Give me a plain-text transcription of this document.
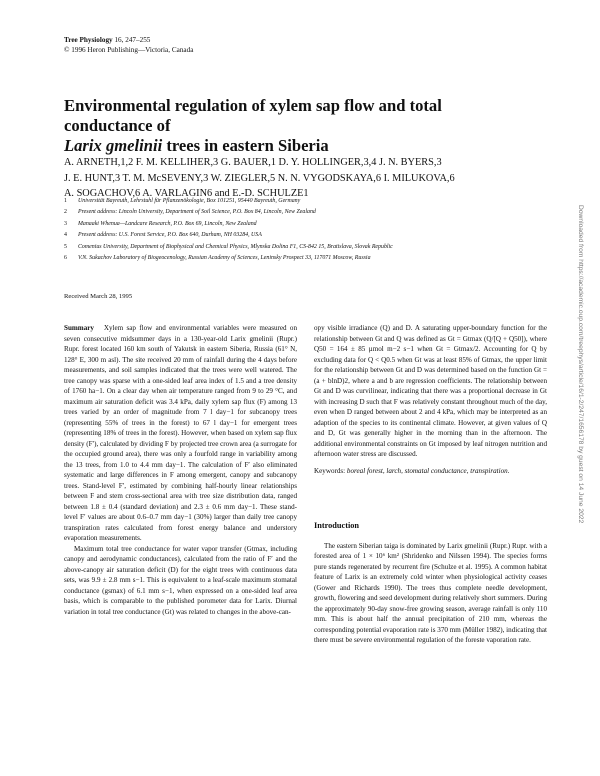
Tree Physiology 16, 247–255
© 1996 Heron Publishing—Victoria, Canada
Environmental regulation of xylem sap flow and total conductance of
Larix gmelinii trees in eastern Siberia
A. ARNETH,1,2 F. M. KELLIHER,3 G. BAUER,1 D. Y. HOLLINGER,3,4 J. N. BYERS,3
J. E. HUNT,3 T. M. McSEVENY,3 W. ZIEGLER,5 N. N. VYGODSKAYA,6 I. MILUKOVA,6
A. SOGACHOV,6 A. VARLAGIN6 and E.-D. SCHULZE1
1	Universität Bayreuth, Lehrstuhl für Pflanzenökologie, Box 101251, 95440 Bayreuth, Germany
2	Present address: Lincoln University, Department of Soil Science, P.O. Box 84, Lincoln, New Zealand
3	Manaaki Whenua—Landcare Research, P.O. Box 69, Lincoln, New Zealand
4	Present address: U.S. Forest Service, P.O. Box 640, Durham, NH 03284, USA
5	Comenius University, Department of Biophysical and Chemical Physics, Mlynska Dolina F1, CS-842 15, Bratislava, Slovak Republic
6	V.N. Sukachov Laboratory of Biogeocenology, Russian Academy of Sciences, Leninsky Prospect 33, 117071 Moscow, Russia
Received March 28, 1995

Summary Xylem sap flow and environmental variables were measured on seven consecutive midsummer days in a 130-year-old Larix gmelinii (Rupr.) Rupr. forest located 160 km south of Yakutsk in eastern Siberia, Russia (61° N, 128° E, 300 m asl). The site received 20 mm of rainfall during the 4 days before measurements, and soil samples indicated that the trees were well watered. The tree canopy was sparse with a one-sided leaf area index of 1.5 and a tree density of 1760 ha−1. On a clear day when air temperature ranged from 9 to 29 °C, and maximum air saturation deficit was 3.4 kPa, daily xylem sap flux (F) among 13 trees varied by an order of magnitude from 7 l day−1 for subcanopy trees (representing 55% of trees in the forest) to 67 l day−1 for emergent trees (representing 18% of trees in the forest). However, when based on xylem sap flux density (F′), calculated by dividing F by projected tree crown area (a surrogate for the occupied ground area), there was only a fourfold range in variability among the 13 trees, from 1.0 to 4.4 mm day−1. The calculation of F′ also eliminated systematic and large differences in F among emergent, canopy and subcanopy trees. Stand-level F′, estimated by combining half-hourly linear relationships between F and stem cross-sectional area with tree size distribution data, ranged between 1.8 ± 0.4 (standard deviation) and 2.3 ± 0.6 mm day−1. These stand-level F′ values are about 0.6–0.7 mm day−1 (30%) larger than daily tree canopy transpiration rates calculated from forest energy balance and understory evaporation measurements.

Maximum total tree conductance for water vapor transfer (Gtmax, including canopy and aerodynamic conductances), calculated from the ratio of F′ and the above-canopy air saturation deficit (D) for the eight trees with continuous data sets, was 9.9 ± 2.8 mm s−1. This is equivalent to a leaf-scale maximum stomatal conductance (gsmax) of 6.1 mm s−1, when expressed on a one-sided leaf area basis, which is comparable to the published porometer data for Larix. Diurnal variation in total tree conductance (Gt) was related to changes in the above-can-

opy visible irradiance (Q) and D. A saturating upper-boundary function for the relationship between Gt and Q was defined as Gt = Gtmax (Q/[Q + Q50]), where Q50 = 164 ± 85 µmol m−2 s−1 when Gt = Gtmax/2. Accounting for Q by excluding data for Q < Q0.5 when Gt was at least 85% of Gtmax, the upper limit for the relationship between Gt and D was determined based on the function Gt = (a + blnD)2, where a and b are regression coefficients. The relationship between Gt and D was curvilinear, indicating that there was a proportional decrease in Gt with increasing D such that F was relatively constant throughout much of the day, even when D ranged between about 2 and 4 kPa, which may be interpreted as an adaption of the species to its continental climate. However, at given values of Q and D, Gt was generally higher in the morning than in the afternoon. The additional environmental constraints on Gt imposed by leaf nitrogen nutrition and afternoon water stress are discussed.

Keywords: boreal forest, larch, stomatal conductance, transpiration.

Introduction

The eastern Siberian taiga is dominated by Larix gmelinii (Rupr.) Rupr. with a forested area of 1 × 10⁶ km² (Shridenko and Nilssen 1994). The species forms pure stands regenerated by recurrent fire (Schulze et al. 1995). A common habitat feature of Larix is an extremely cold winter when physiological activity ceases (Gower and Richards 1990). The trees thus complete needle development, growth, flowering and seed development during relatively short summers. During the approximately 90-day snow-free growing season, average rainfall is only 110 mm. This is about half the annual precipitation of 210 mm, whereas the corresponding potential evaporation rate is 370 mm (Müller 1982), indicating that there must be severe environmental regulation of the foreste vaporation rate.

Downloaded from https://academic.oup.com/treephys/article/16/1-2/247/1656178 by guest on 14 June 2022
